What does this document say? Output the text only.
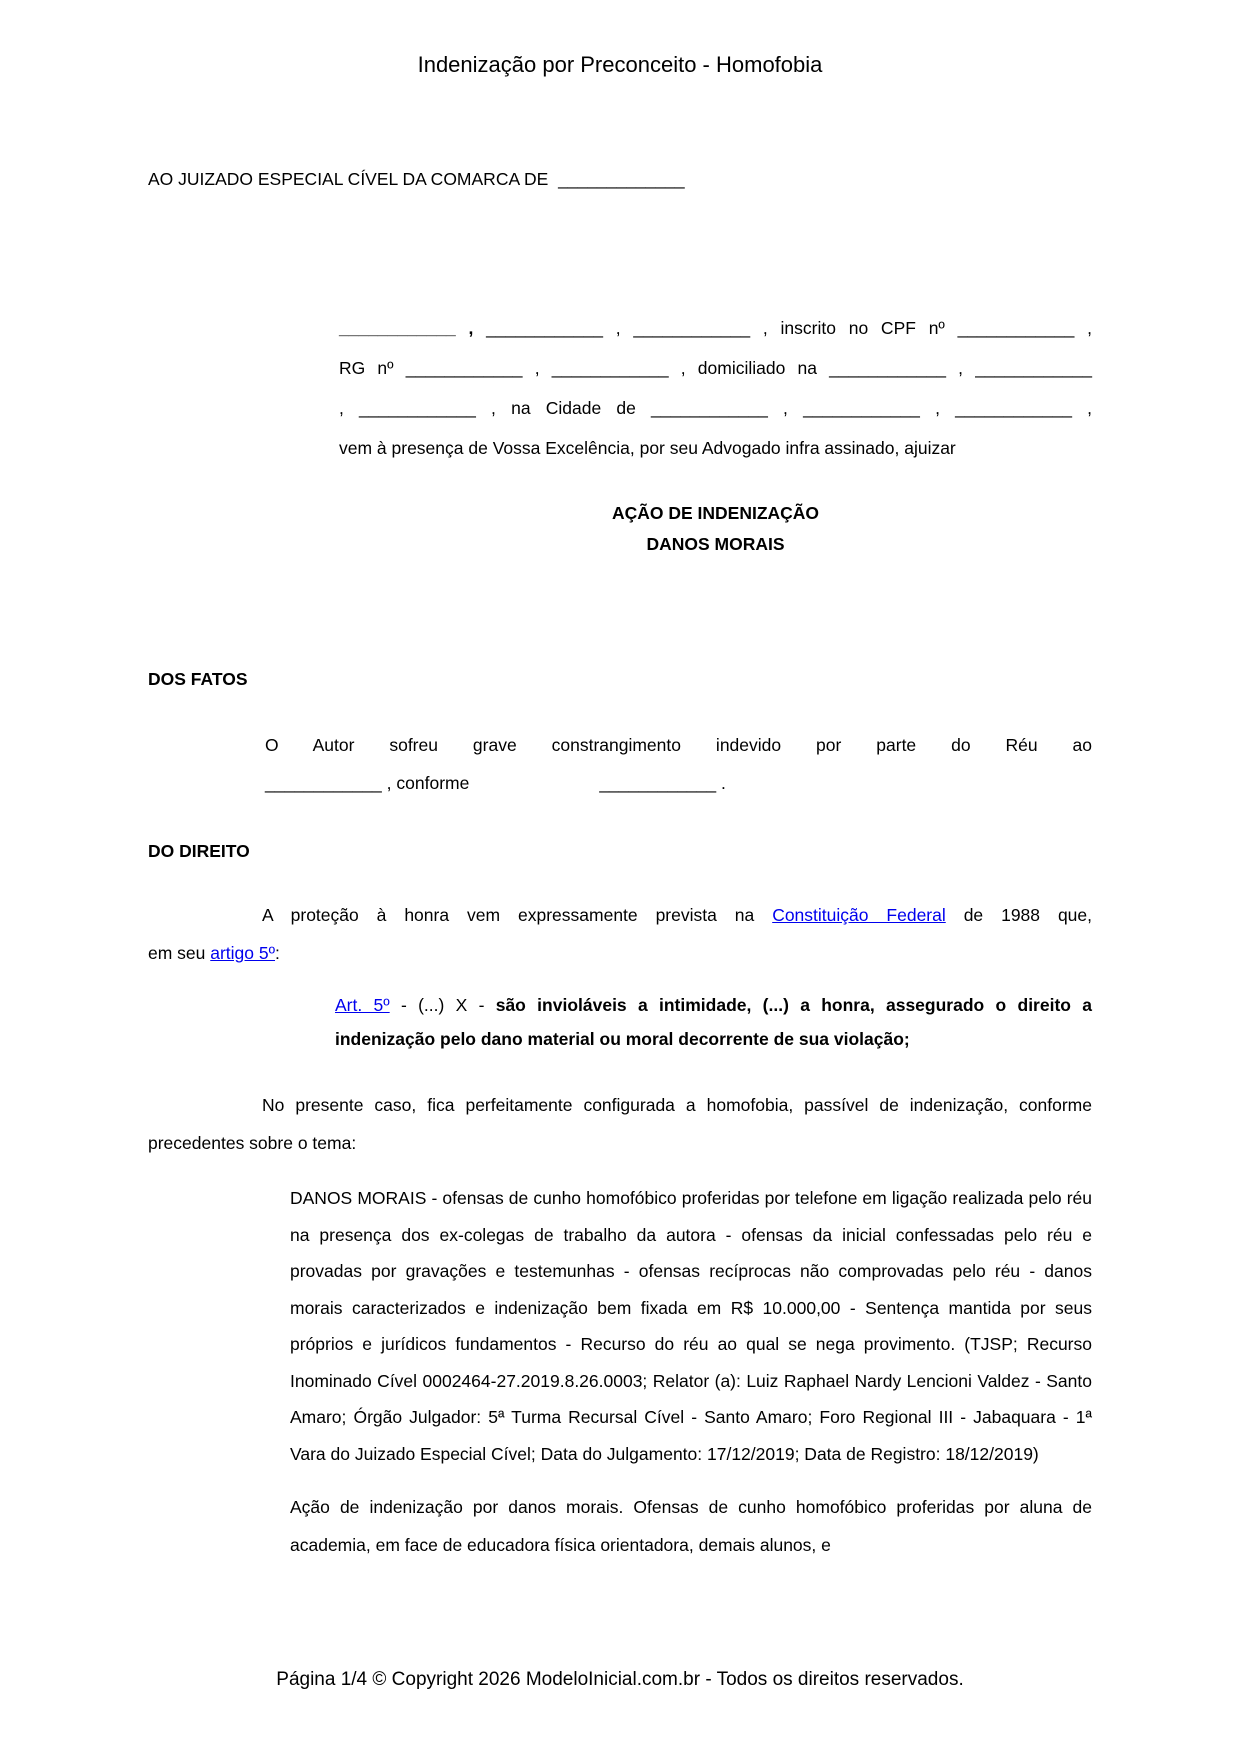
Indenização por Preconceito - Homofobia

AO JUIZADO ESPECIAL CÍVEL DA COMARCA DE _____________

____________ , ____________ , ____________ , inscrito no CPF nº ____________ ,
RG nº ____________ , ____________ , domiciliado na ____________ , ____________
, ____________ , na Cidade de ____________ , ____________ , ____________ ,
vem à presença de Vossa Excelência, por seu Advogado infra assinado, ajuizar

AÇÃO DE INDENIZAÇÃO
DANOS MORAIS

DOS FATOS

O Autor sofreu grave constrangimento indevido por parte do Réu ao
____________ , conforme	____________ .

DO DIREITO

A proteção à honra vem expressamente prevista na Constituição Federal de 1988 que,
em seu artigo 5º:

Art. 5º - (...) X - são invioláveis a intimidade, (...) a honra, assegurado o direito a indenização pelo dano material ou moral decorrente de sua violação;

No presente caso, fica perfeitamente configurada a homofobia, passível de indenização, conforme precedentes sobre o tema:

DANOS MORAIS - ofensas de cunho homofóbico proferidas por telefone em ligação realizada pelo réu na presença dos ex-colegas de trabalho da autora - ofensas da inicial confessadas pelo réu e provadas por gravações e testemunhas - ofensas recíprocas não comprovadas pelo réu - danos morais caracterizados e indenização bem fixada em R$ 10.000,00 - Sentença mantida por seus próprios e jurídicos fundamentos - Recurso do réu ao qual se nega provimento. (TJSP; Recurso Inominado Cível 0002464-27.2019.8.26.0003; Relator (a): Luiz Raphael Nardy Lencioni Valdez - Santo Amaro; Órgão Julgador: 5ª Turma Recursal Cível - Santo Amaro; Foro Regional III - Jabaquara - 1ª Vara do Juizado Especial Cível; Data do Julgamento: 17/12/2019; Data de Registro: 18/12/2019)

Ação de indenização por danos morais. Ofensas de cunho homofóbico proferidas por aluna de academia, em face de educadora física orientadora, demais alunos, e

Página 1/4 © Copyright 2026 ModeloInicial.com.br - Todos os direitos reservados.
